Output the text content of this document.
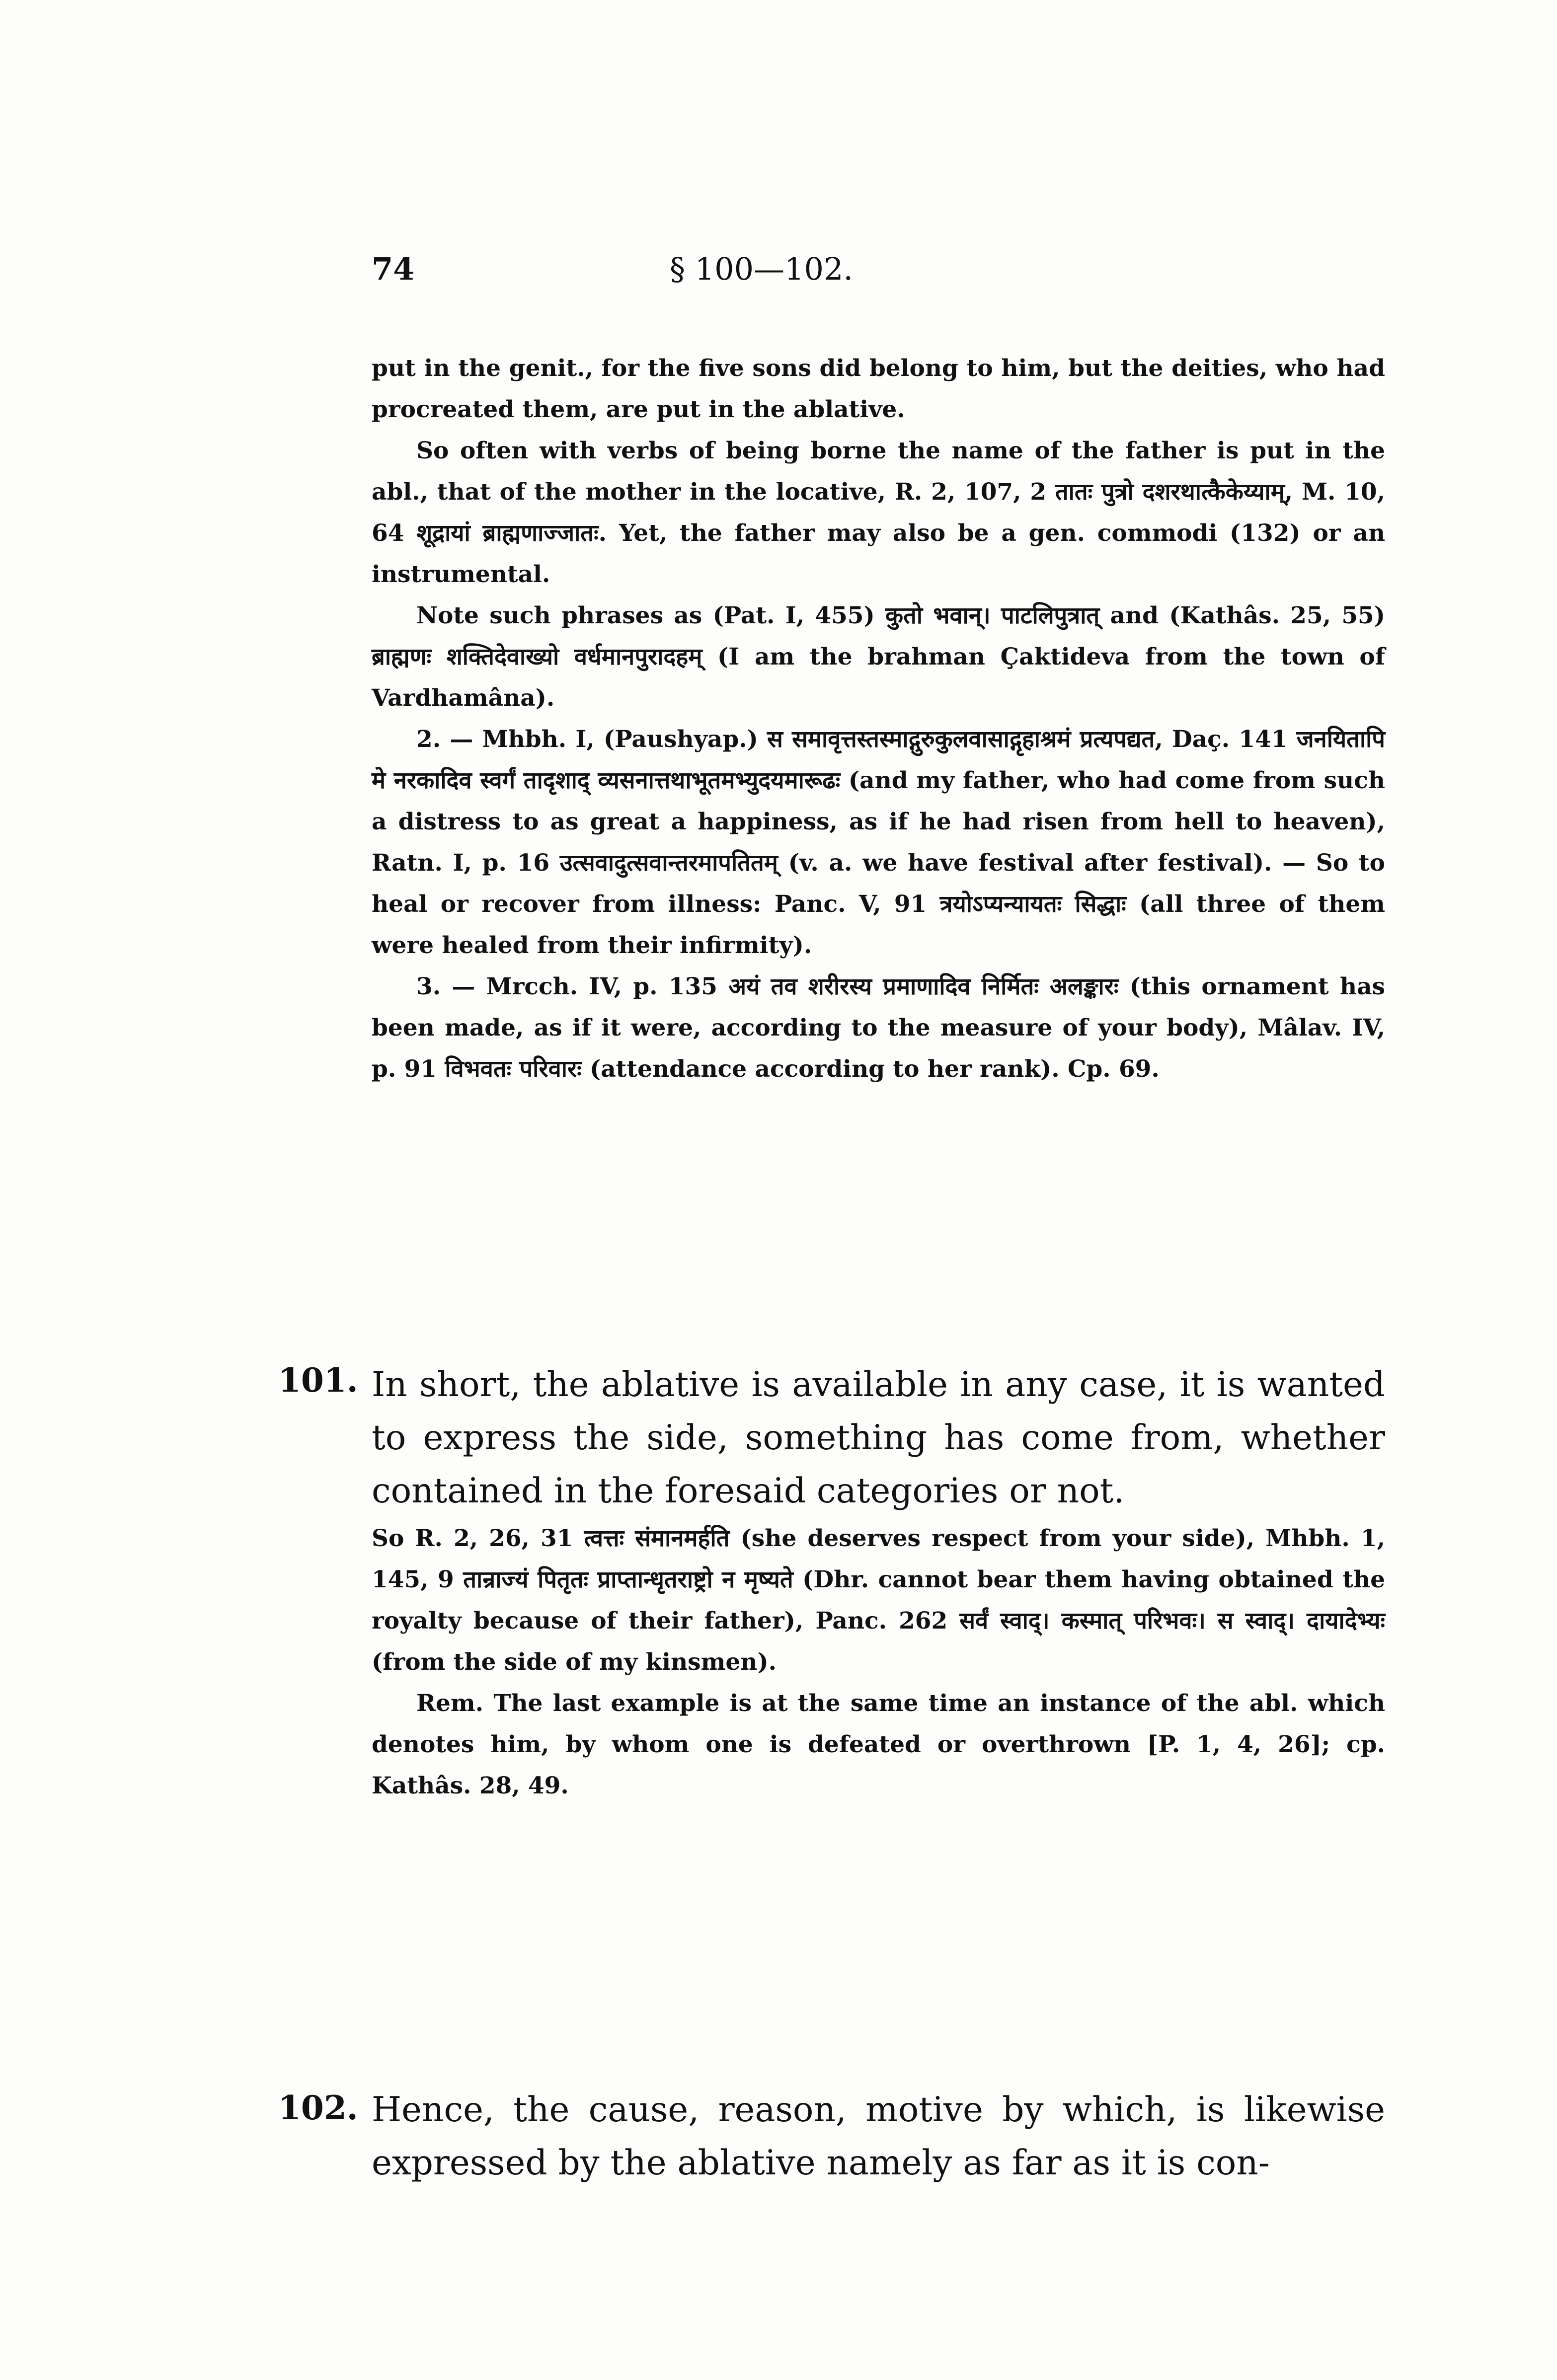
74	§ 100—102.

put in the genit., for the five sons did belong to him, but the deities, who had procreated them, are put in the ablative.

So often with verbs of being borne the name of the father is put in the abl., that of the mother in the locative, R. 2, 107, 2 तातः पुत्रो दशरथात्कैकेय्याम्, M. 10, 64 शूद्रायां ब्राह्मणाज्जातः. Yet, the father may also be a gen. commodi (132) or an instrumental.

Note such phrases as (Pat. I, 455) कुतो भवान्। पाटलिपुत्रात् and (Kathâs. 25, 55) ब्राह्मणः शक्तिदेवाख्यो वर्धमानपुरादहम् (I am the brahman Çaktideva from the town of Vardhamâna).

2. — Mhbh. I, (Paushyap.) स समावृत्तस्तस्माद्गुरुकुलवासाद्गृहाश्रमं प्रत्यपद्यत, Daç. 141 जनयितापि मे नरकादिव स्वर्गं तादृशाद् व्यसनात्तथाभूतमभ्युदयमारूढः (and my father, who had come from such a distress to as great a happiness, as if he had risen from hell to heaven), Ratn. I, p. 16 उत्सवादुत्सवान्तरमापतितम् (v. a. we have festival after festival). — So to heal or recover from illness: Panc. V, 91 त्रयोऽप्यन्यायतः सिद्धाः (all three of them were healed from their infirmity).

3. — Mrcch. IV, p. 135 अयं तव शरीरस्य प्रमाणादिव निर्मितः अलङ्कारः (this ornament has been made, as if it were, according to the measure of your body), Mâlav. IV, p. 91 विभवतः परिवारः (attendance according to her rank). Cp. 69.

101. In short, the ablative is available in any case, it is wanted to express the side, something has come from, whether contained in the foresaid categories or not.

So R. 2, 26, 31 त्वत्तः संमानमर्हति (she deserves respect from your side), Mhbh. 1, 145, 9 तान्राज्यं पितृतः प्राप्तान्धृतराष्ट्रो न मृष्यते (Dhr. cannot bear them having obtained the royalty because of their father), Panc. 262 सर्वं स्वाद्। कस्मात् परिभवः। स स्वाद्। दायादेभ्यः (from the side of my kinsmen).

Rem. The last example is at the same time an instance of the abl. which denotes him, by whom one is defeated or overthrown [P. 1, 4, 26]; cp. Kathâs. 28, 49.

102. Hence, the cause, reason, motive by which, is likewise expressed by the ablative namely as far as it is con-
